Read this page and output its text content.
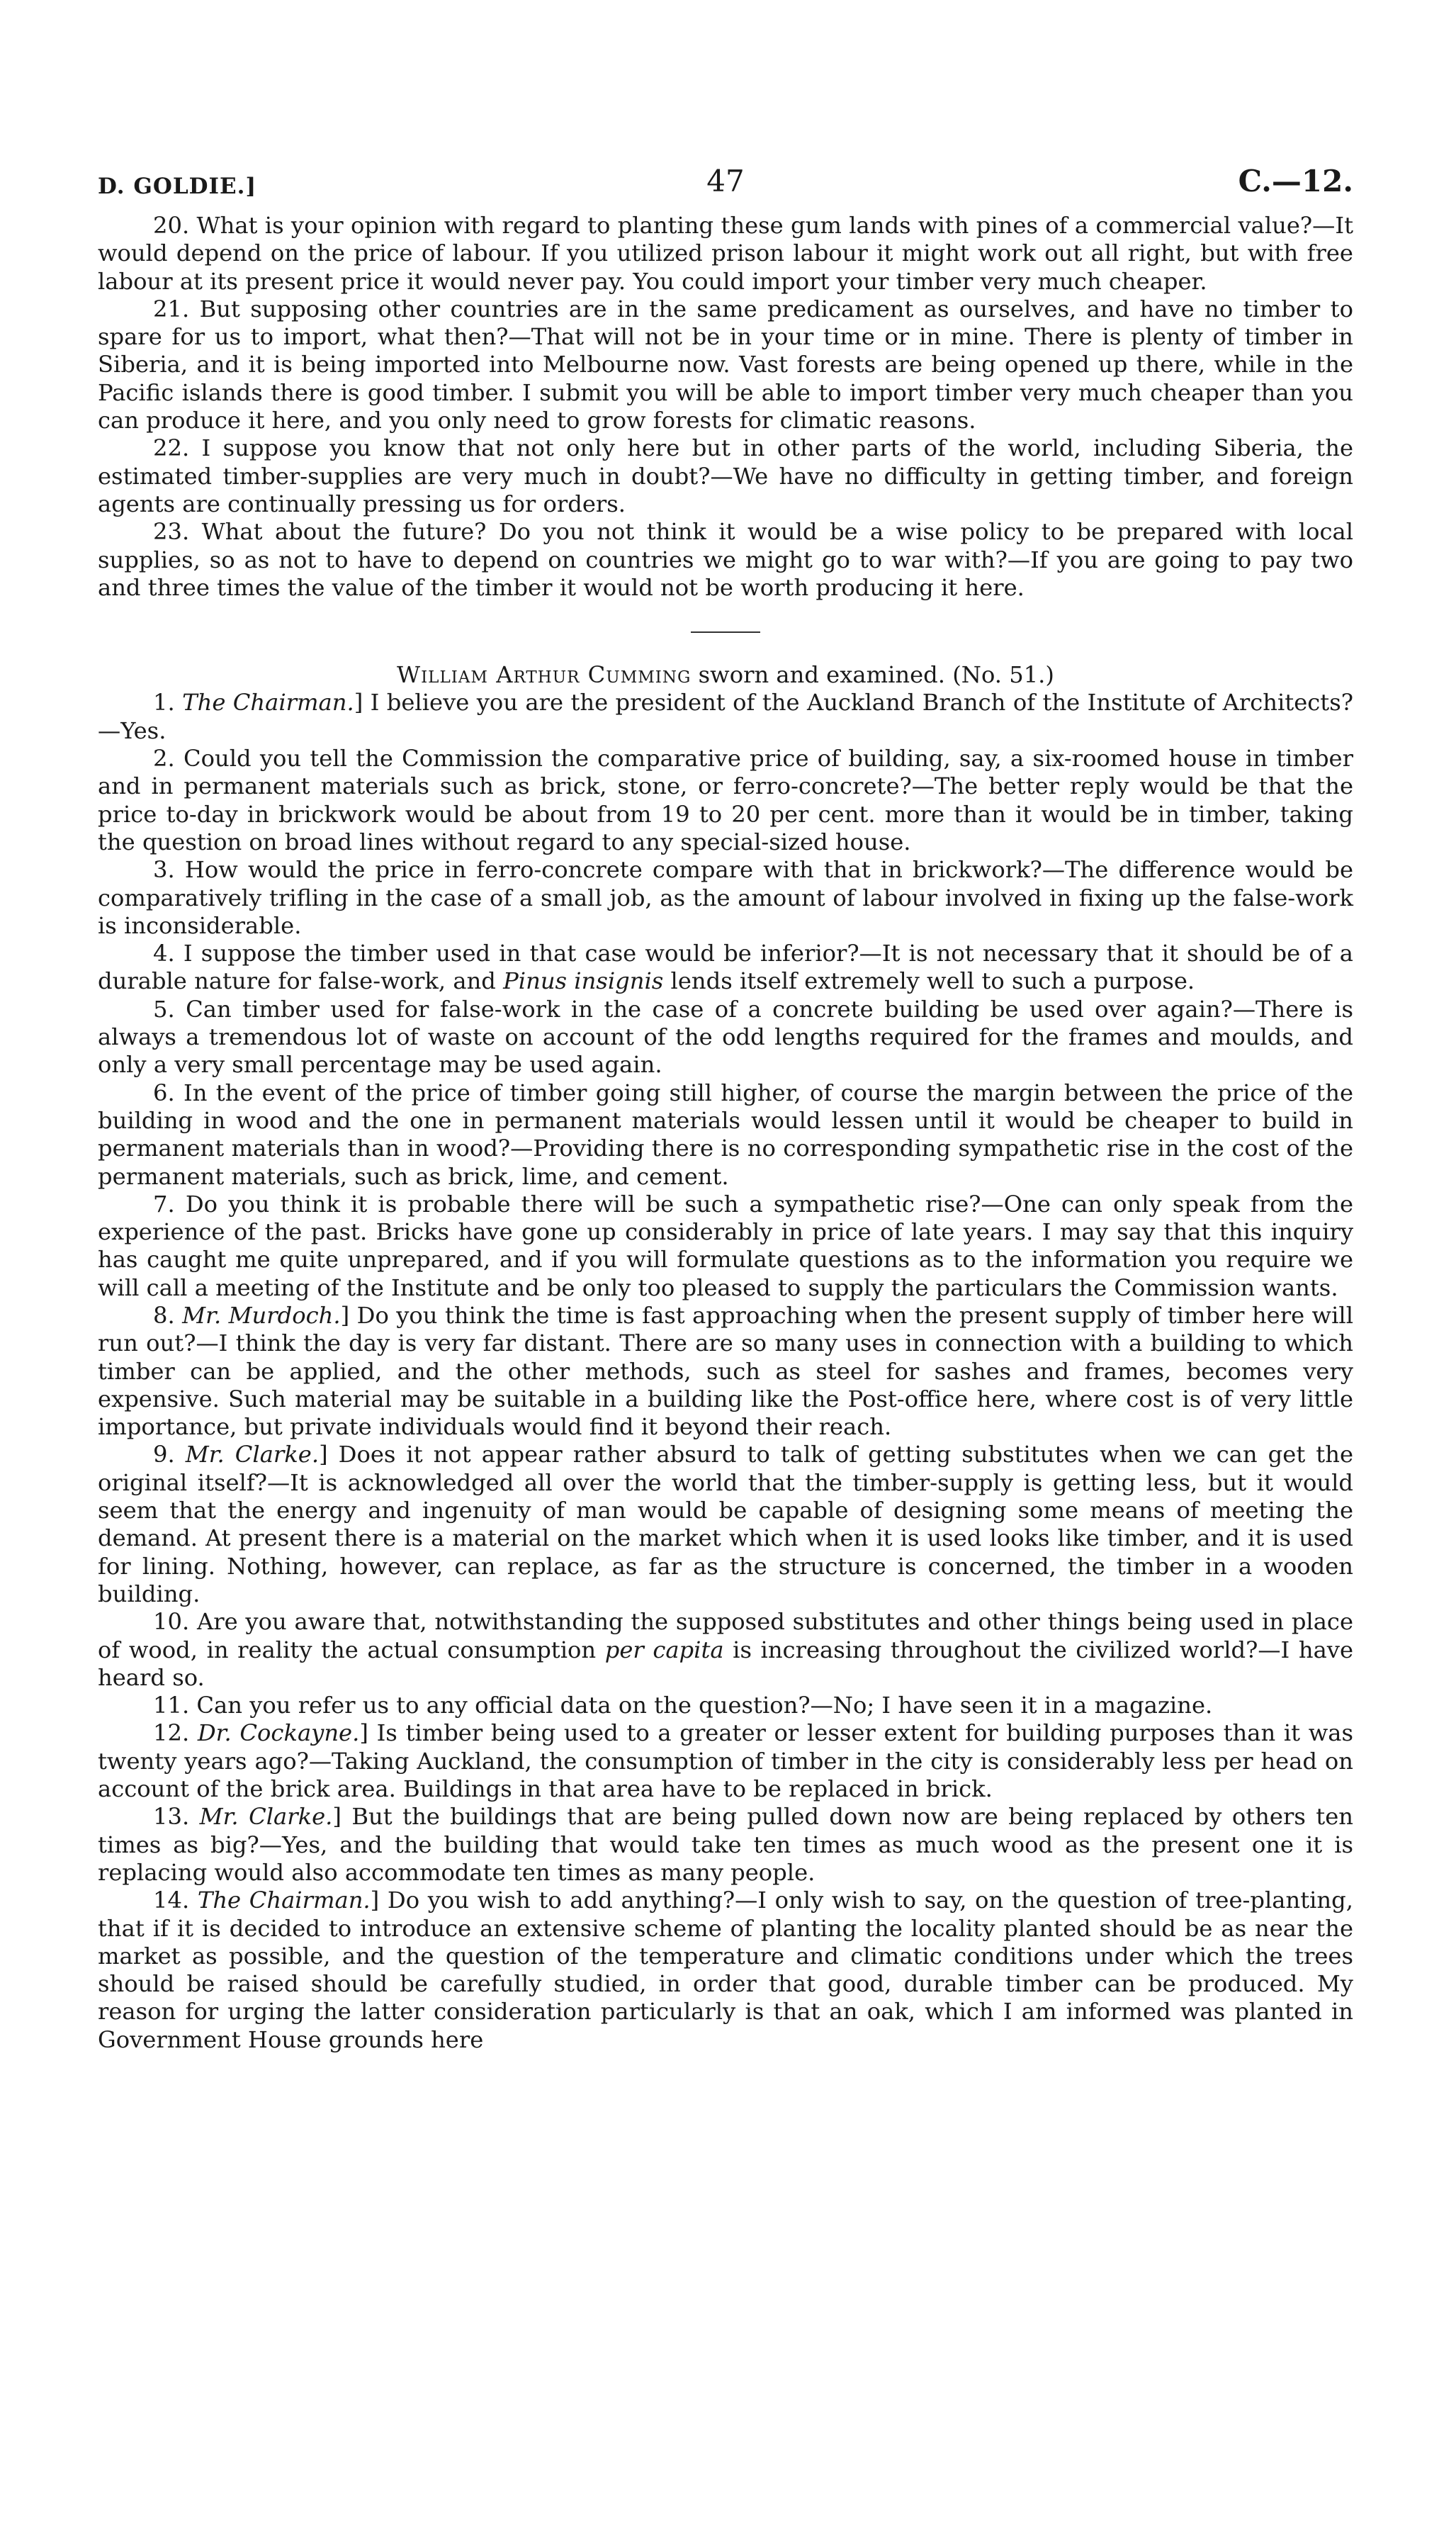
D. GOLDIE.]	47	C.—12.

20. What is your opinion with regard to planting these gum lands with pines of a commercial value?—It would depend on the price of labour. If you utilized prison labour it might work out all right, but with free labour at its present price it would never pay. You could import your timber very much cheaper.

21. But supposing other countries are in the same predicament as ourselves, and have no timber to spare for us to import, what then?—That will not be in your time or in mine. There is plenty of timber in Siberia, and it is being imported into Melbourne now. Vast forests are being opened up there, while in the Pacific islands there is good timber. I submit you will be able to import timber very much cheaper than you can produce it here, and you only need to grow forests for climatic reasons.

22. I suppose you know that not only here but in other parts of the world, including Siberia, the estimated timber-supplies are very much in doubt?—We have no difficulty in getting timber, and foreign agents are continually pressing us for orders.

23. What about the future? Do you not think it would be a wise policy to be prepared with local supplies, so as not to have to depend on countries we might go to war with?—If you are going to pay two and three times the value of the timber it would not be worth producing it here.

William Arthur Cumming sworn and examined. (No. 51.)

1. The Chairman.] I believe you are the president of the Auckland Branch of the Institute of Architects?—Yes.

2. Could you tell the Commission the comparative price of building, say, a six-roomed house in timber and in permanent materials such as brick, stone, or ferro-concrete?—The better reply would be that the price to-day in brickwork would be about from 19 to 20 per cent. more than it would be in timber, taking the question on broad lines without regard to any special-sized house.

3. How would the price in ferro-concrete compare with that in brickwork?—The difference would be comparatively trifling in the case of a small job, as the amount of labour involved in fixing up the false-work is inconsiderable.

4. I suppose the timber used in that case would be inferior?—It is not necessary that it should be of a durable nature for false-work, and Pinus insignis lends itself extremely well to such a purpose.

5. Can timber used for false-work in the case of a concrete building be used over again?—There is always a tremendous lot of waste on account of the odd lengths required for the frames and moulds, and only a very small percentage may be used again.

6. In the event of the price of timber going still higher, of course the margin between the price of the building in wood and the one in permanent materials would lessen until it would be cheaper to build in permanent materials than in wood?—Providing there is no corresponding sympathetic rise in the cost of the permanent materials, such as brick, lime, and cement.

7. Do you think it is probable there will be such a sympathetic rise?—One can only speak from the experience of the past. Bricks have gone up considerably in price of late years. I may say that this inquiry has caught me quite unprepared, and if you will formulate questions as to the information you require we will call a meeting of the Institute and be only too pleased to supply the particulars the Commission wants.

8. Mr. Murdoch.] Do you think the time is fast approaching when the present supply of timber here will run out?—I think the day is very far distant. There are so many uses in connection with a building to which timber can be applied, and the other methods, such as steel for sashes and frames, becomes very expensive. Such material may be suitable in a building like the Post-office here, where cost is of very little importance, but private individuals would find it beyond their reach.

9. Mr. Clarke.] Does it not appear rather absurd to talk of getting substitutes when we can get the original itself?—It is acknowledged all over the world that the timber-supply is getting less, but it would seem that the energy and ingenuity of man would be capable of designing some means of meeting the demand. At present there is a material on the market which when it is used looks like timber, and it is used for lining. Nothing, however, can replace, as far as the structure is concerned, the timber in a wooden building.

10. Are you aware that, notwithstanding the supposed substitutes and other things being used in place of wood, in reality the actual consumption per capita is increasing throughout the civilized world?—I have heard so.

11. Can you refer us to any official data on the question?—No; I have seen it in a magazine.

12. Dr. Cockayne.] Is timber being used to a greater or lesser extent for building purposes than it was twenty years ago?—Taking Auckland, the consumption of timber in the city is considerably less per head on account of the brick area. Buildings in that area have to be replaced in brick.

13. Mr. Clarke.] But the buildings that are being pulled down now are being replaced by others ten times as big?—Yes, and the building that would take ten times as much wood as the present one it is replacing would also accommodate ten times as many people.

14. The Chairman.] Do you wish to add anything?—I only wish to say, on the question of tree-planting, that if it is decided to introduce an extensive scheme of planting the locality planted should be as near the market as possible, and the question of the temperature and climatic conditions under which the trees should be raised should be carefully studied, in order that good, durable timber can be produced. My reason for urging the latter consideration particularly is that an oak, which I am informed was planted in Government House grounds here
